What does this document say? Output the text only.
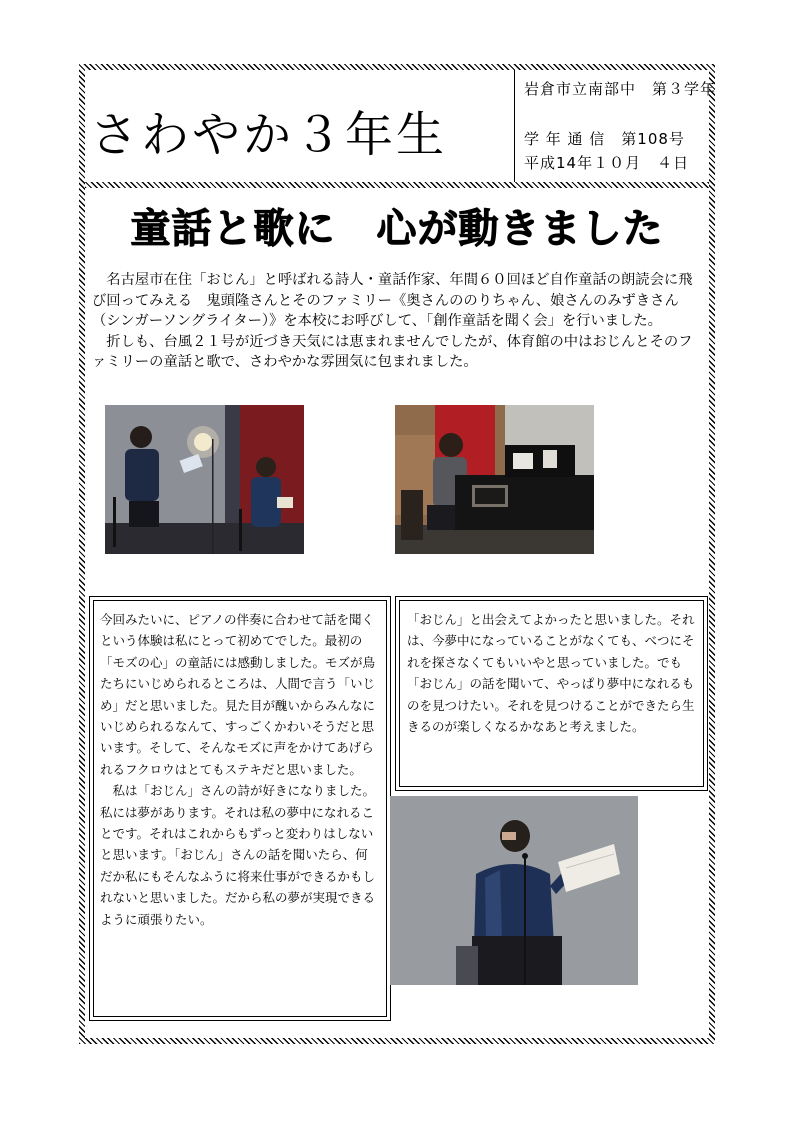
さわやか３年生
岩倉市立南部中　第３学年
学 年 通 信　第108号
平成14年１０月　４日
童話と歌に　心が動きました

名古屋市在住「おじん」と呼ばれる詩人・童話作家、年間６０回ほど自作童話の朗読会に飛び回ってみえる　鬼頭隆さんとそのファミリー《奥さんののりちゃん、娘さんのみずきさん（シンガーソングライター）》を本校にお呼びして、「創作童話を聞く会」を行いました。

折しも、台風２１号が近づき天気には恵まれませんでしたが、体育館の中はおじんとそのファミリーの童話と歌で、さわやかな雰囲気に包まれました。

今回みたいに、ピアノの伴奏に合わせて話を聞くという体験は私にとって初めてでした。最初の「モズの心」の童話には感動しました。モズが鳥たちにいじめられるところは、人間で言う「いじめ」だと思いました。見た目が醜いからみんなにいじめられるなんて、すっごくかわいそうだと思います。そして、そんなモズに声をかけてあげられるフクロウはとてもステキだと思いました。

私は「おじん」さんの詩が好きになりました。私には夢があります。それは私の夢中になれることです。それはこれからもずっと変わりはしないと思います。「おじん」さんの話を聞いたら、何だか私にもそんなふうに将来仕事ができるかもしれないと思いました。だから私の夢が実現できるように頑張りたい。

「おじん」と出会えてよかったと思いました。それは、今夢中になっていることがなくても、べつにそれを探さなくてもいいやと思っていました。でも「おじん」の話を聞いて、やっぱり夢中になれるものを見つけたい。それを見つけることができたら生きるのが楽しくなるかなあと考えました。
